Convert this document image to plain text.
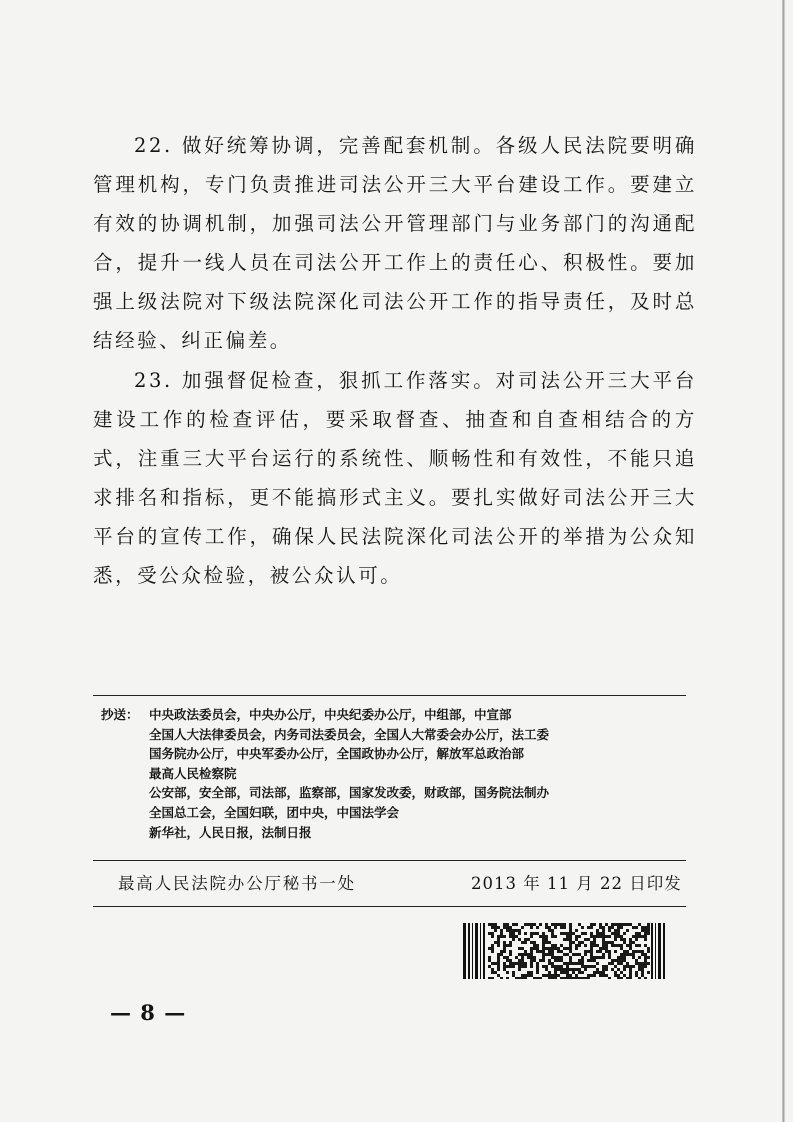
22. 做好统筹协调，完善配套机制。各级人民法院要明确管理机构，专门负责推进司法公开三大平台建设工作。要建立有效的协调机制，加强司法公开管理部门与业务部门的沟通配合，提升一线人员在司法公开工作上的责任心、积极性。要加强上级法院对下级法院深化司法公开工作的指导责任，及时总结经验、纠正偏差。

23. 加强督促检查，狠抓工作落实。对司法公开三大平台建设工作的检查评估，要采取督查、抽查和自查相结合的方式，注重三大平台运行的系统性、顺畅性和有效性，不能只追求排名和指标，更不能搞形式主义。要扎实做好司法公开三大平台的宣传工作，确保人民法院深化司法公开的举措为公众知悉，受公众检验，被公众认可。

抄送： 中央政法委员会，中央办公厅，中央纪委办公厅，中组部，中宣部
全国人大法律委员会，内务司法委员会，全国人大常委会办公厅，法工委
国务院办公厅，中央军委办公厅，全国政协办公厅，解放军总政治部
最高人民检察院
公安部，安全部，司法部，监察部，国家发改委，财政部，国务院法制办
全国总工会，全国妇联，团中央，中国法学会
新华社，人民日报，法制日报
最高人民法院办公厅秘书一处	2013 年 11 月 22 日印发
— 8 —
